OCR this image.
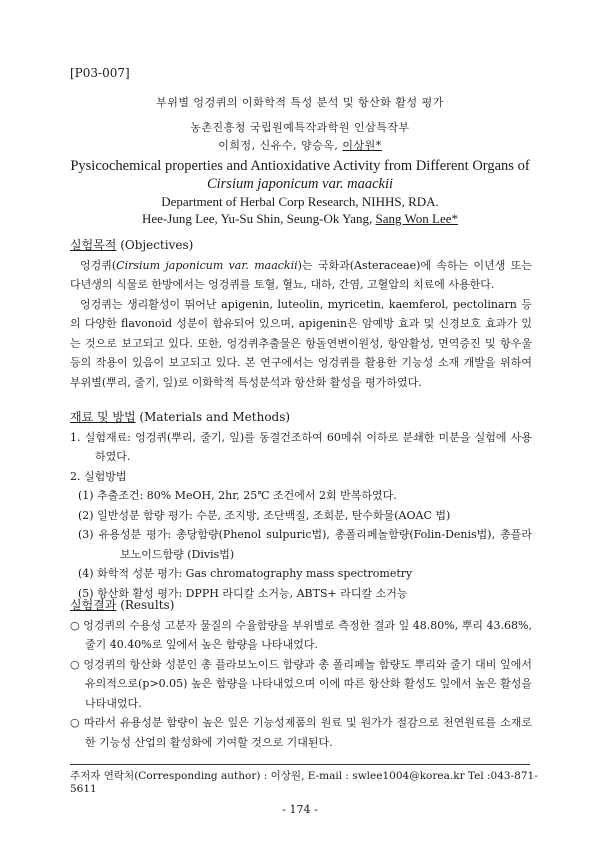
[P03-007]
부위별 엉겅퀴의 이화학적 특성 분석 및 항산화 활성 평가
농촌진흥청 국립원예특작과학원 인삼특작부
이희정, 신유수, 양승옥, 이상원*
Pysicochemical properties and Antioxidative Activity from Different Organs of
Cirsium japonicum var. maackii
Department of Herbal Corp Research, NIHHS, RDA.
Hee-Jung Lee, Yu-Su Shin, Seung-Ok Yang, Sang Won Lee*

실험목적 (Objectives)

엉겅퀴(Cirsium japonicum var. maackii)는 국화과(Asteraceae)에 속하는 이년생 또는 다년생의 식물로 한방에서는 엉겅퀴를 토혈, 혈뇨, 대하, 간염, 고혈압의 치료에 사용한다.

엉겅퀴는 생리활성이 뛰어난 apigenin, luteolin, myricetin, kaemferol, pectolinarn 등의 다양한 flavonoid 성분이 함유되어 있으며, apigenin은 암예방 효과 및 신경보호 효과가 있는 것으로 보고되고 있다. 또한, 엉겅퀴추출물은 항돌연변이원성, 항암활성, 면역증진 및 항우울 등의 작용이 있음이 보고되고 있다. 본 연구에서는 엉겅퀴를 활용한 기능성 소재 개발을 위하여 부위별(뿌리, 줄기, 잎)로 이화학적 특성분석과 항산화 활성을 평가하였다.

재료 및 방법 (Materials and Methods)

1. 실험재료: 엉겅퀴(뿌리, 줄기, 잎)를 동결건조하여 60메쉬 이하로 분쇄한 미분을 실험에 사용하였다.

2. 실험방법

(1) 추출조건: 80% MeOH, 2hr, 25℃ 조건에서 2회 반복하였다.

(2) 일반성분 함량 평가: 수분, 조지방, 조단백질, 조회분, 탄수화물(AOAC 법)

(3) 유용성분 평가: 총당함량(Phenol sulpuric법), 총폴리페놀함량(Folin-Denis법), 총플라보노이드함량 (Divis법)

(4) 화학적 성분 평가: Gas chromatography mass spectrometry

(5) 항산화 활성 평가: DPPH 라디칼 소거능, ABTS+ 라디칼 소거능

실험결과 (Results)

○ 엉겅퀴의 수용성 고분자 물질의 수율함량을 부위별로 측정한 결과 잎 48.80%, 뿌리 43.68%, 줄기 40.40%로 잎에서 높은 함량을 나타내었다.

○ 엉겅퀴의 항산화 성분인 총 플라보노이드 함량과 총 폴리페놀 함량도 뿌리와 줄기 대비 잎에서 유의적으로(p>0.05) 높은 함량을 나타내었으며 이에 따른 항산화 활성도 잎에서 높은 활성을 나타내었다.

○ 따라서 유용성분 함량이 높은 잎은 기능성제품의 원료 및 원가가 절감으로 천연원료를 소재로한 기능성 산업의 활성화에 기여할 것으로 기대된다.

주저자 연락처(Corresponding author) : 이상원, E-mail : swlee1004@korea.kr Tel :043-871-5611
- 174 -
